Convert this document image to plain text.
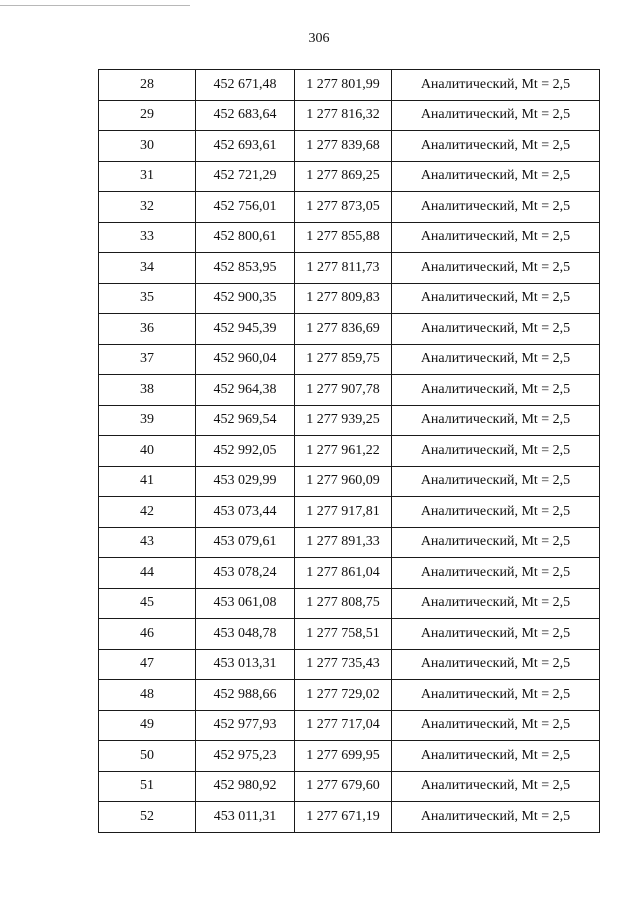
306
28	452 671,48	1 277 801,99	Аналитический, Mt = 2,5
29	452 683,64	1 277 816,32	Аналитический, Mt = 2,5
30	452 693,61	1 277 839,68	Аналитический, Mt = 2,5
31	452 721,29	1 277 869,25	Аналитический, Mt = 2,5
32	452 756,01	1 277 873,05	Аналитический, Mt = 2,5
33	452 800,61	1 277 855,88	Аналитический, Mt = 2,5
34	452 853,95	1 277 811,73	Аналитический, Mt = 2,5
35	452 900,35	1 277 809,83	Аналитический, Mt = 2,5
36	452 945,39	1 277 836,69	Аналитический, Mt = 2,5
37	452 960,04	1 277 859,75	Аналитический, Mt = 2,5
38	452 964,38	1 277 907,78	Аналитический, Mt = 2,5
39	452 969,54	1 277 939,25	Аналитический, Mt = 2,5
40	452 992,05	1 277 961,22	Аналитический, Mt = 2,5
41	453 029,99	1 277 960,09	Аналитический, Mt = 2,5
42	453 073,44	1 277 917,81	Аналитический, Mt = 2,5
43	453 079,61	1 277 891,33	Аналитический, Mt = 2,5
44	453 078,24	1 277 861,04	Аналитический, Mt = 2,5
45	453 061,08	1 277 808,75	Аналитический, Mt = 2,5
46	453 048,78	1 277 758,51	Аналитический, Mt = 2,5
47	453 013,31	1 277 735,43	Аналитический, Mt = 2,5
48	452 988,66	1 277 729,02	Аналитический, Mt = 2,5
49	452 977,93	1 277 717,04	Аналитический, Mt = 2,5
50	452 975,23	1 277 699,95	Аналитический, Mt = 2,5
51	452 980,92	1 277 679,60	Аналитический, Mt = 2,5
52	453 011,31	1 277 671,19	Аналитический, Mt = 2,5
